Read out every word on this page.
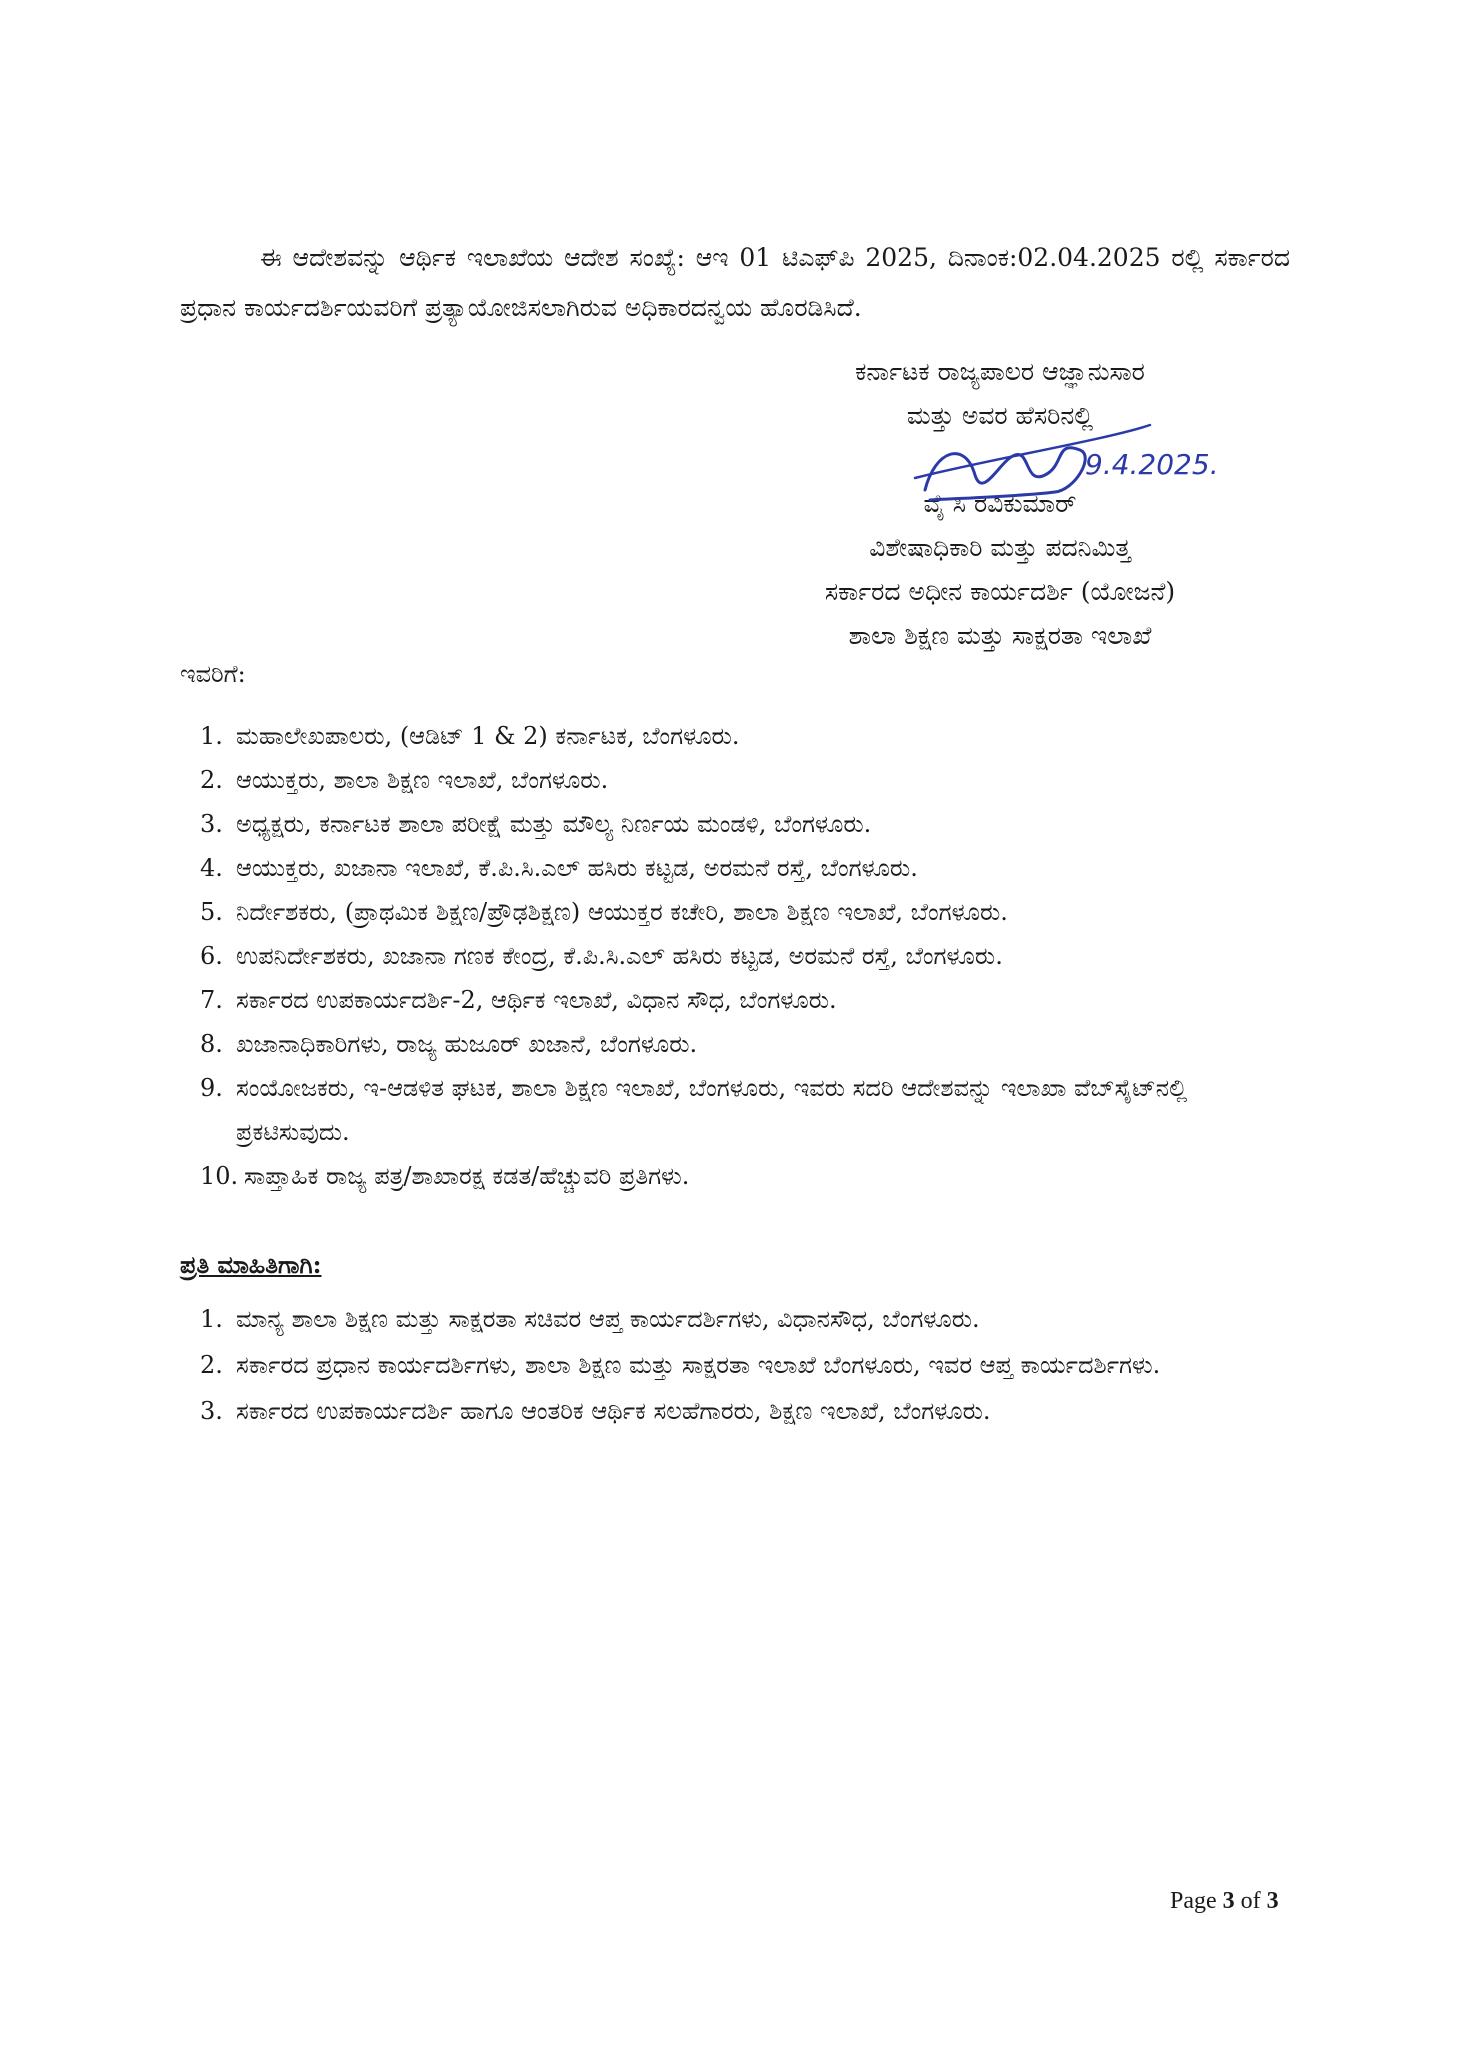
ಈ ಆದೇಶವನ್ನು ಆರ್ಥಿಕ ಇಲಾಖೆಯ ಆದೇಶ ಸಂಖ್ಯೆ: ಆಇ 01 ಟಿಎಫ್‌ಪಿ 2025, ದಿನಾಂಕ:02.04.2025 ರಲ್ಲಿ ಸರ್ಕಾರದ ಪ್ರಧಾನ ಕಾರ್ಯದರ್ಶಿಯವರಿಗೆ ಪ್ರತ್ಯಾಯೋಜಿಸಲಾಗಿರುವ ಅಧಿಕಾರದನ್ವಯ ಹೊರಡಿಸಿದೆ.

ಕರ್ನಾಟಕ ರಾಜ್ಯಪಾಲರ ಆಜ್ಞಾನುಸಾರ
ಮತ್ತು ಅವರ ಹೆಸರಿನಲ್ಲಿ
ವೈ ಸಿ ರವಿಕುಮಾರ್
ವಿಶೇಷಾಧಿಕಾರಿ ಮತ್ತು ಪದನಿಮಿತ್ತ
ಸರ್ಕಾರದ ಅಧೀನ ಕಾರ್ಯದರ್ಶಿ (ಯೋಜನೆ)
ಶಾಲಾ ಶಿಕ್ಷಣ ಮತ್ತು ಸಾಕ್ಷರತಾ ಇಲಾಖೆ
9.4.2025.
ಇವರಿಗೆ:
1. ಮಹಾಲೇಖಪಾಲರು, (ಆಡಿಟ್ 1 & 2) ಕರ್ನಾಟಕ, ಬೆಂಗಳೂರು.
2. ಆಯುಕ್ತರು, ಶಾಲಾ ಶಿಕ್ಷಣ ಇಲಾಖೆ, ಬೆಂಗಳೂರು.
3. ಅಧ್ಯಕ್ಷರು, ಕರ್ನಾಟಕ ಶಾಲಾ ಪರೀಕ್ಷೆ ಮತ್ತು ಮೌಲ್ಯ ನಿರ್ಣಯ ಮಂಡಳಿ, ಬೆಂಗಳೂರು.
4. ಆಯುಕ್ತರು, ಖಜಾನಾ ಇಲಾಖೆ, ಕೆ.ಪಿ.ಸಿ.ಎಲ್ ಹಸಿರು ಕಟ್ಟಡ, ಅರಮನೆ ರಸ್ತೆ, ಬೆಂಗಳೂರು.
5. ನಿರ್ದೇಶಕರು, (ಪ್ರಾಥಮಿಕ ಶಿಕ್ಷಣ/ಪ್ರೌಢಶಿಕ್ಷಣ) ಆಯುಕ್ತರ ಕಚೇರಿ, ಶಾಲಾ ಶಿಕ್ಷಣ ಇಲಾಖೆ, ಬೆಂಗಳೂರು.
6. ಉಪನಿರ್ದೇಶಕರು, ಖಜಾನಾ ಗಣಕ ಕೇಂದ್ರ, ಕೆ.ಪಿ.ಸಿ.ಎಲ್ ಹಸಿರು ಕಟ್ಟಡ, ಅರಮನೆ ರಸ್ತೆ, ಬೆಂಗಳೂರು.
7. ಸರ್ಕಾರದ ಉಪಕಾರ್ಯದರ್ಶಿ-2, ಆರ್ಥಿಕ ಇಲಾಖೆ, ವಿಧಾನ ಸೌಧ, ಬೆಂಗಳೂರು.
8. ಖಜಾನಾಧಿಕಾರಿಗಳು, ರಾಜ್ಯ ಹುಜೂರ್ ಖಜಾನೆ, ಬೆಂಗಳೂರು.
9. ಸಂಯೋಜಕರು, ಇ-ಆಡಳಿತ ಘಟಕ, ಶಾಲಾ ಶಿಕ್ಷಣ ಇಲಾಖೆ, ಬೆಂಗಳೂರು, ಇವರು ಸದರಿ ಆದೇಶವನ್ನು ಇಲಾಖಾ ವೆಬ್‌ಸೈಟ್‌ನಲ್ಲಿ ಪ್ರಕಟಿಸುವುದು.
10. ಸಾಪ್ತಾಹಿಕ ರಾಜ್ಯ ಪತ್ರ/ಶಾಖಾರಕ್ಷ ಕಡತ/ಹೆಚ್ಚುವರಿ ಪ್ರತಿಗಳು.
ಪ್ರತಿ ಮಾಹಿತಿಗಾಗಿ:
1. ಮಾನ್ಯ ಶಾಲಾ ಶಿಕ್ಷಣ ಮತ್ತು ಸಾಕ್ಷರತಾ ಸಚಿವರ ಆಪ್ತ ಕಾರ್ಯದರ್ಶಿಗಳು, ವಿಧಾನಸೌಧ, ಬೆಂಗಳೂರು.
2. ಸರ್ಕಾರದ ಪ್ರಧಾನ ಕಾರ್ಯದರ್ಶಿಗಳು, ಶಾಲಾ ಶಿಕ್ಷಣ ಮತ್ತು ಸಾಕ್ಷರತಾ ಇಲಾಖೆ ಬೆಂಗಳೂರು, ಇವರ ಆಪ್ತ ಕಾರ್ಯದರ್ಶಿಗಳು.
3. ಸರ್ಕಾರದ ಉಪಕಾರ್ಯದರ್ಶಿ ಹಾಗೂ ಆಂತರಿಕ ಆರ್ಥಿಕ ಸಲಹೆಗಾರರು, ಶಿಕ್ಷಣ ಇಲಾಖೆ, ಬೆಂಗಳೂರು.
Page 3 of 3
